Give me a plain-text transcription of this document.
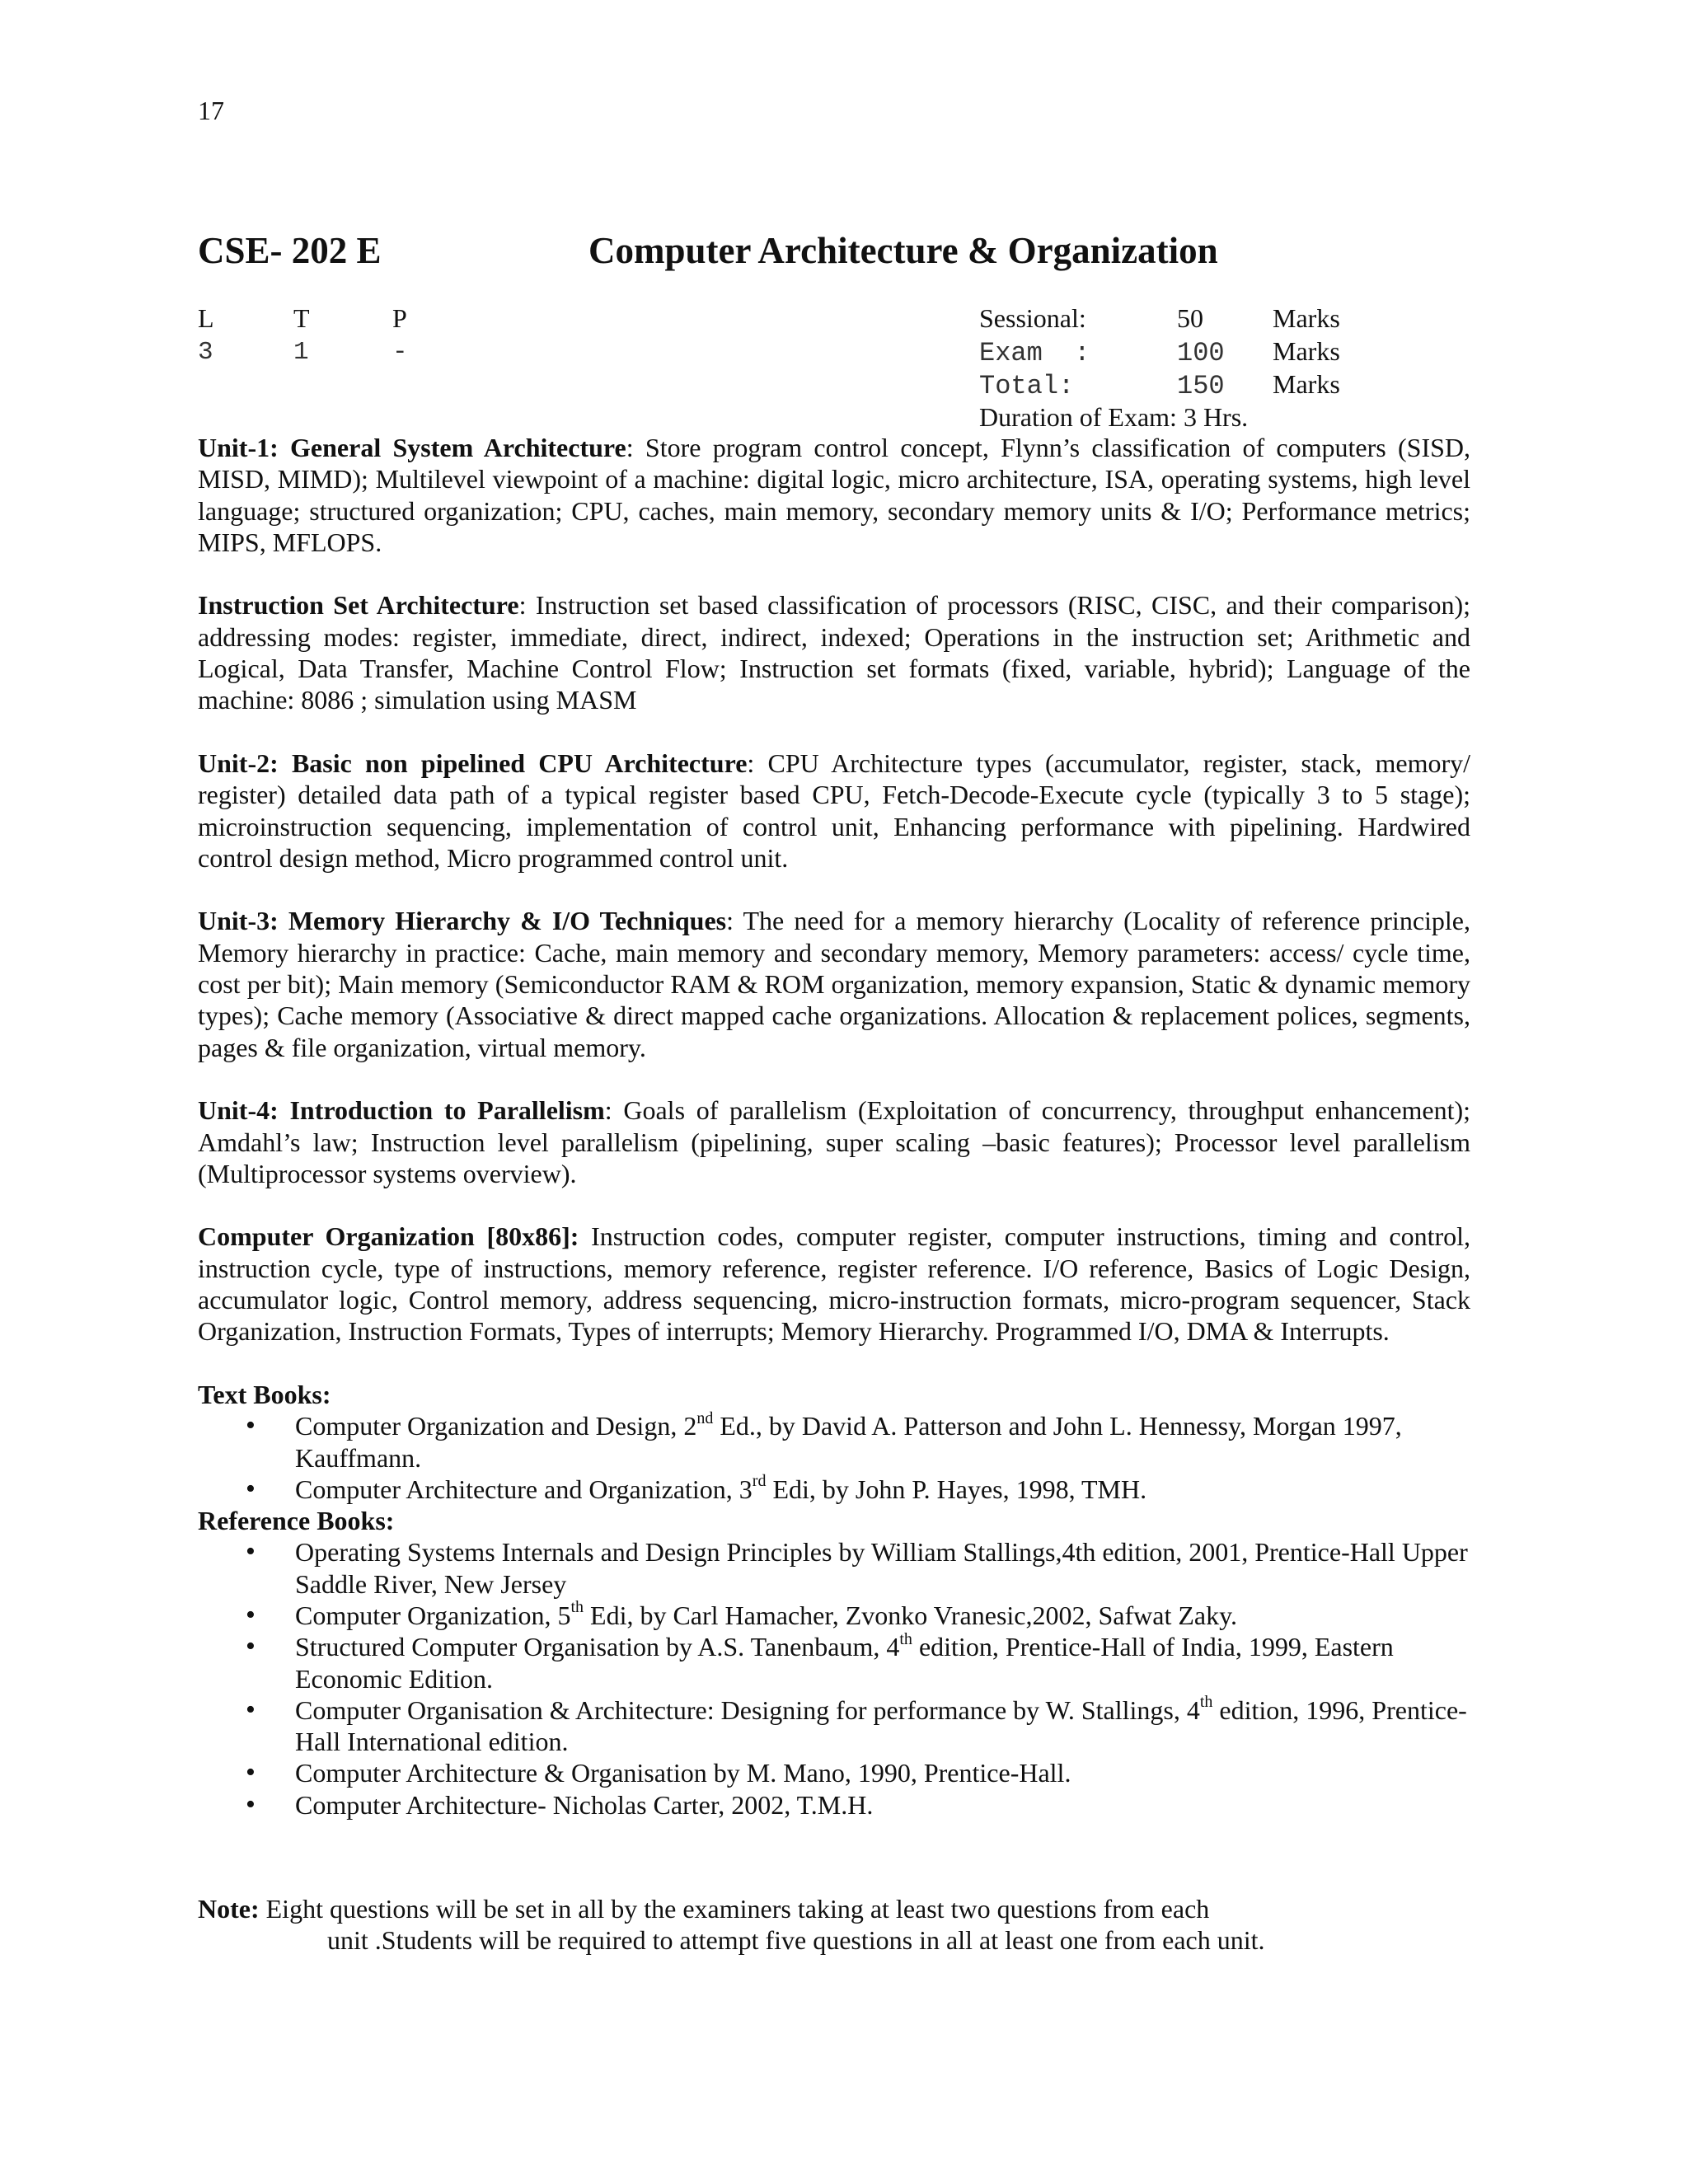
17
CSE- 202 E	Computer Architecture & Organization
L	T	P
3	1	-
Sessional:	50	Marks
Exam  :	100 Marks
Total:	150 Marks
Duration of Exam: 3 Hrs.

Unit-1: General System Architecture: Store program control concept, Flynn’s classification of computers (SISD, MISD, MIMD); Multilevel viewpoint of a machine: digital logic, micro architecture, ISA, operating systems, high level language; structured organization; CPU, caches, main memory, secondary memory units & I/O; Performance metrics; MIPS, MFLOPS.

Instruction Set Architecture: Instruction set based classification of processors (RISC, CISC, and their comparison); addressing modes: register, immediate, direct, indirect, indexed; Operations in the instruction set; Arithmetic and Logical, Data Transfer, Machine Control Flow; Instruction set formats (fixed, variable, hybrid); Language of the machine: 8086 ; simulation using MASM

Unit-2: Basic non pipelined CPU Architecture: CPU Architecture types (accumulator, register, stack, memory/ register) detailed data path of a typical register based CPU, Fetch-Decode-Execute cycle (typically 3 to 5 stage); microinstruction sequencing, implementation of control unit, Enhancing performance with pipelining. Hardwired control design method, Micro programmed control unit.

Unit-3: Memory Hierarchy & I/O Techniques: The need for a memory hierarchy (Locality of reference principle, Memory hierarchy in practice: Cache, main memory and secondary memory, Memory parameters: access/ cycle time, cost per bit); Main memory (Semiconductor RAM & ROM organization, memory expansion, Static & dynamic memory types); Cache memory (Associative & direct mapped cache organizations. Allocation & replacement polices, segments, pages & file organization, virtual memory.

Unit-4: Introduction to Parallelism: Goals of parallelism (Exploitation of concurrency, throughput enhancement); Amdahl’s law; Instruction level parallelism (pipelining, super scaling –basic features); Processor level parallelism (Multiprocessor systems overview).

Computer Organization [80x86]: Instruction codes, computer register, computer instructions, timing and control, instruction cycle, type of instructions, memory reference, register reference. I/O reference, Basics of Logic Design, accumulator logic, Control memory, address sequencing, micro-instruction formats, micro-program sequencer, Stack Organization, Instruction Formats, Types of interrupts; Memory Hierarchy. Programmed I/O, DMA & Interrupts.

Text Books:

• Computer Organization and Design, 2nd Ed., by David A. Patterson and John L. Hennessy, Morgan 1997, Kauffmann.
• Computer Architecture and Organization, 3rd Edi, by John P. Hayes, 1998, TMH.

Reference Books:

• Operating Systems Internals and Design Principles by William Stallings,4th edition, 2001, Prentice-Hall Upper Saddle River, New Jersey
• Computer Organization, 5th Edi, by Carl Hamacher, Zvonko Vranesic,2002, Safwat Zaky.
• Structured Computer Organisation by A.S. Tanenbaum, 4th edition, Prentice-Hall of India, 1999, Eastern Economic Edition.
• Computer Organisation & Architecture: Designing for performance by W. Stallings, 4th edition, 1996, Prentice-Hall International edition.
• Computer Architecture & Organisation by M. Mano, 1990, Prentice-Hall.
• Computer Architecture- Nicholas Carter, 2002, T.M.H.
Note: Eight questions will be set in all by the examiners taking at least two questions from each
unit .Students will be required to attempt five questions in all at least one from each unit.
